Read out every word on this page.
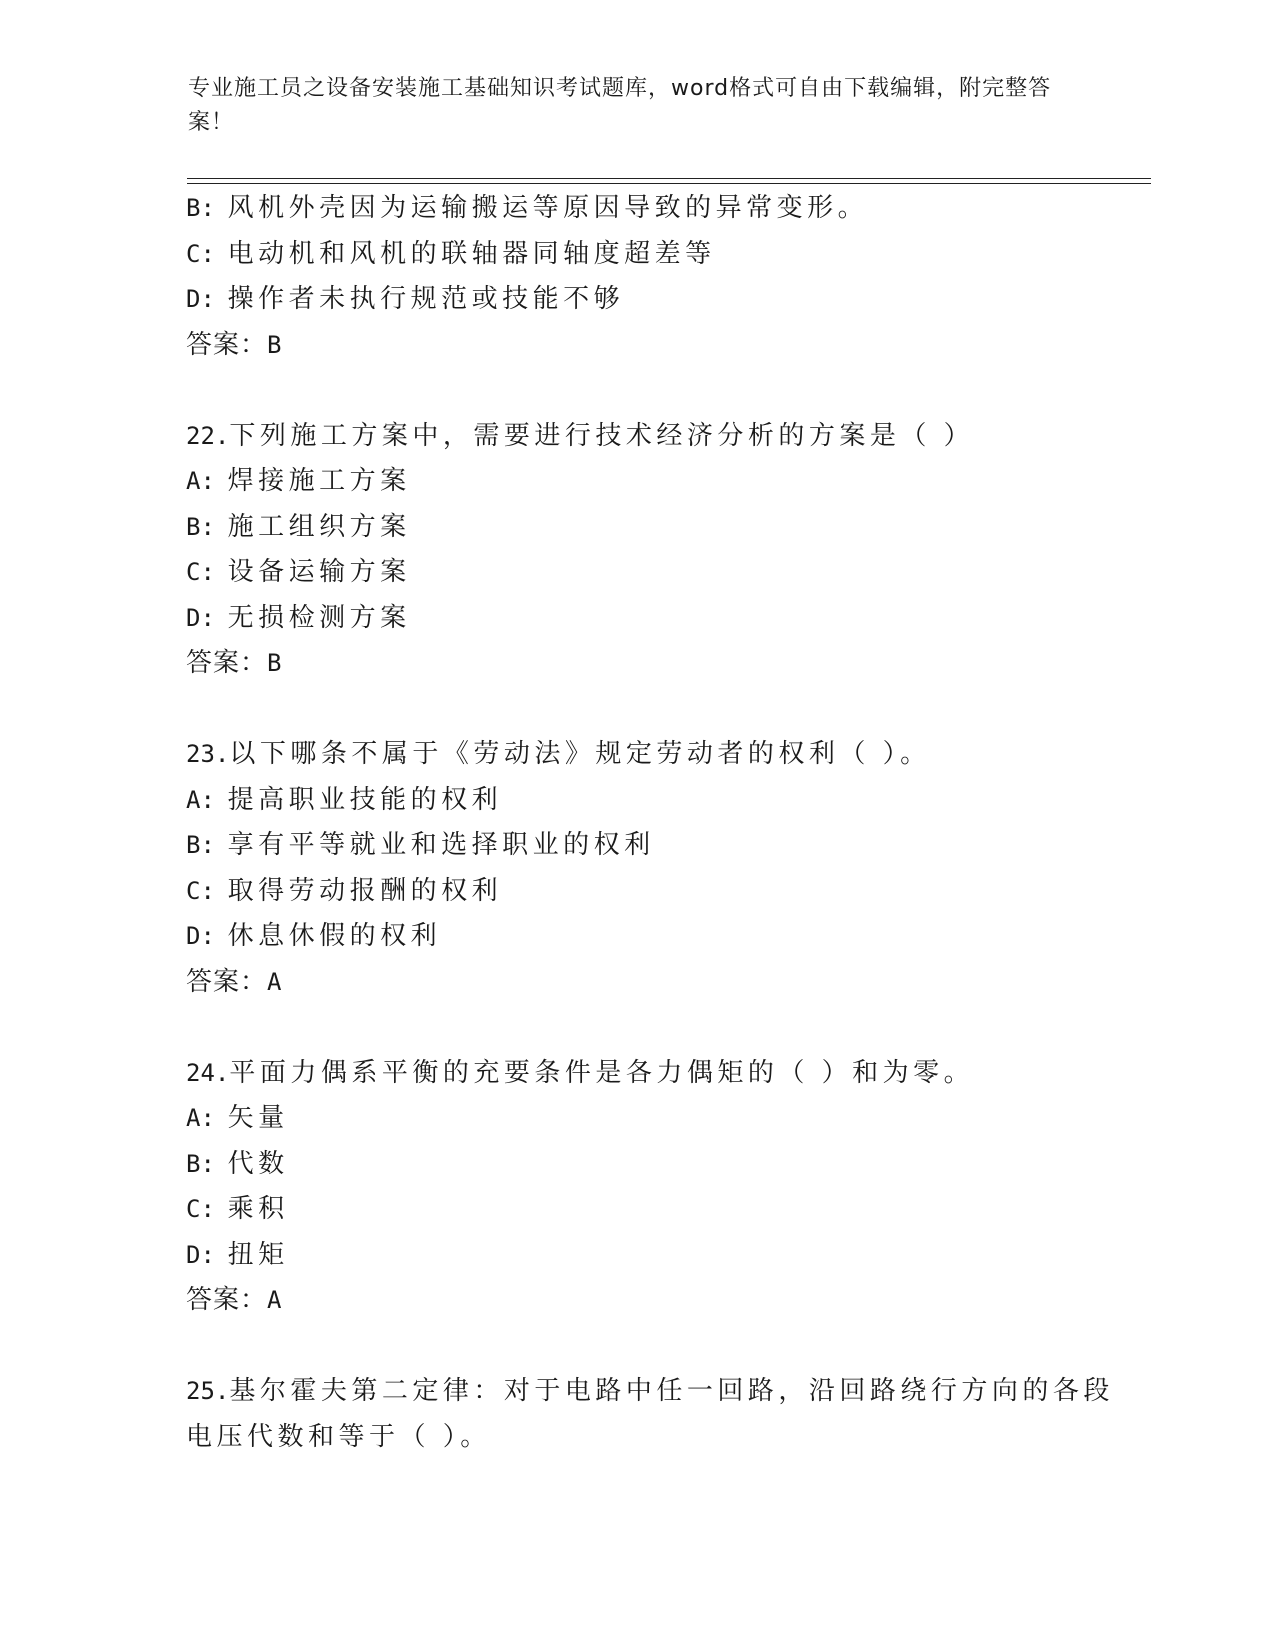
专业施工员之设备安装施工基础知识考试题库，word格式可自由下载编辑，附完整答案！
B: 风机外壳因为运输搬运等原因导致的异常变形。
C: 电动机和风机的联轴器同轴度超差等
D: 操作者未执行规范或技能不够
答案：B
22.下列施工方案中，需要进行技术经济分析的方案是（ ）
A: 焊接施工方案
B: 施工组织方案
C: 设备运输方案
D: 无损检测方案
答案：B
23.以下哪条不属于《劳动法》规定劳动者的权利（ ）。
A: 提高职业技能的权利
B: 享有平等就业和选择职业的权利
C: 取得劳动报酬的权利
D: 休息休假的权利
答案：A
24.平面力偶系平衡的充要条件是各力偶矩的（ ）和为零。
A: 矢量
B: 代数
C: 乘积
D: 扭矩
答案：A
25.基尔霍夫第二定律：对于电路中任一回路，沿回路绕行方向的各段
电压代数和等于（ ）。
